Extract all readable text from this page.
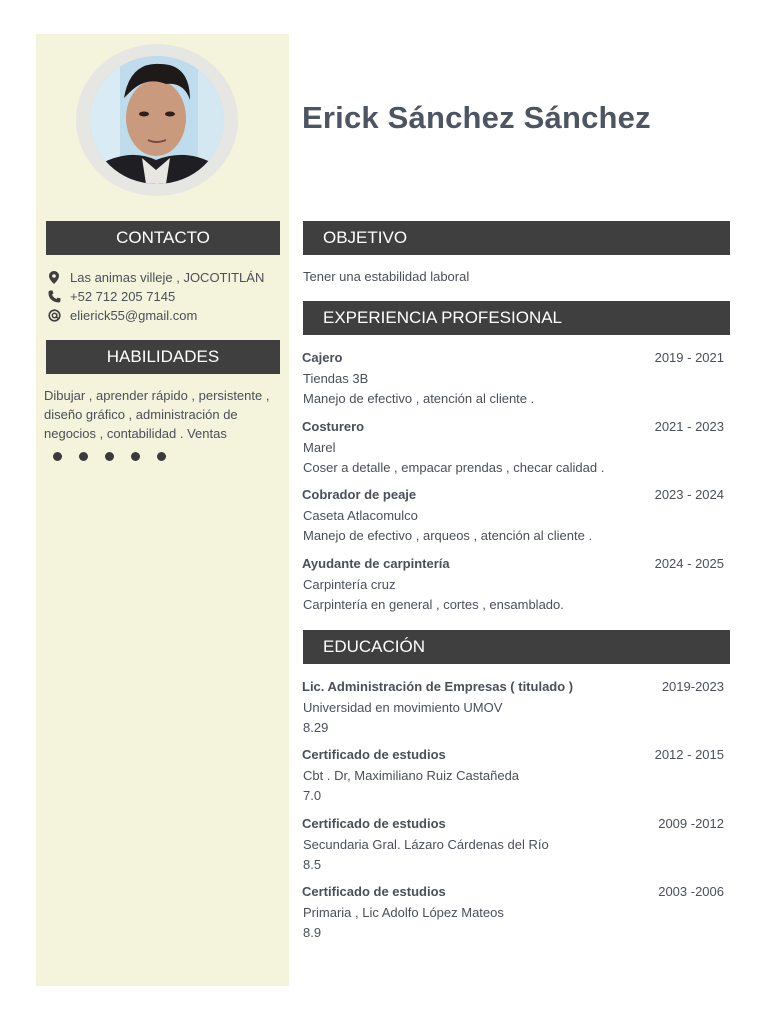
Erick Sánchez Sánchez
CONTACTO
Las animas villeje , JOCOTITLÁN
+52 712 205 7145
elierick55@gmail.com
HABILIDADES
Dibujar , aprender rápido , persistente , diseño gráfico , administración de negocios , contabilidad . Ventas
OBJETIVO
Tener una estabilidad laboral
EXPERIENCIA PROFESIONAL
Cajero	2019 - 2021
Tiendas 3B
Manejo de efectivo , atención al cliente .
Costurero	2021 - 2023
Marel
Coser a detalle , empacar prendas , checar calidad .
Cobrador de peaje	2023 - 2024
Caseta Atlacomulco
Manejo de efectivo , arqueos , atención al cliente .
Ayudante de carpintería	2024 - 2025
Carpintería cruz
Carpintería en general , cortes , ensamblado.
EDUCACIÓN
Lic. Administración de Empresas ( titulado )	2019-2023
Universidad en movimiento UMOV
8.29
Certificado de estudios	2012 - 2015
Cbt . Dr, Maximiliano Ruiz Castañeda
7.0
Certificado de estudios	2009 -2012
Secundaria Gral. Lázaro Cárdenas del Río
8.5
Certificado de estudios	2003 -2006
Primaria , Lic Adolfo López Mateos
8.9
